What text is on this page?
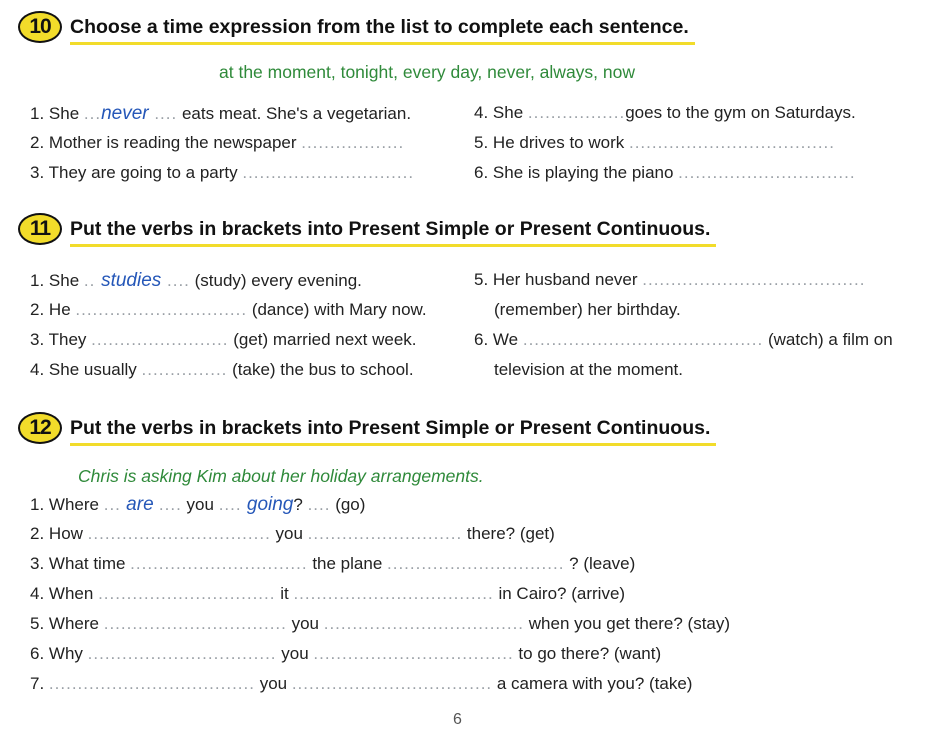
10 Choose a time expression from the list to complete each sentence.
at the moment, tonight, every day, never, always, now
1. She ...never .... eats meat. She's a vegetarian.
2. Mother is reading the newspaper ..................
3. They are going to a party ..............................
4. She .................goes to the gym on Saturdays.
5. He drives to work ....................................
6. She is playing the piano ...............................
11	Put the verbs in brackets into Present Simple or Present Continuous.
1. She .. studies .... (study) every evening.
2. He .............................. (dance) with Mary now.
3. They ........................ (get) married next week.
4. She usually ............... (take) the bus to school.
5. Her husband never .......................................
(remember) her birthday.
6. We .......................................... (watch) a film on
television at the moment.
12 Put the verbs in brackets into Present Simple or Present Continuous.
Chris is asking Kim about her holiday arrangements.
1. Where ... are .... you .... going? .... (go)
2. How ................................ you ........................... there? (get)
3. What time ............................... the plane ............................... ? (leave)
4. When ............................... it ................................... in Cairo? (arrive)
5. Where ................................ you ................................... when you get there? (stay)
6. Why ................................. you ................................... to go there? (want)
7. .................................... you ................................... a camera with you? (take)
6
